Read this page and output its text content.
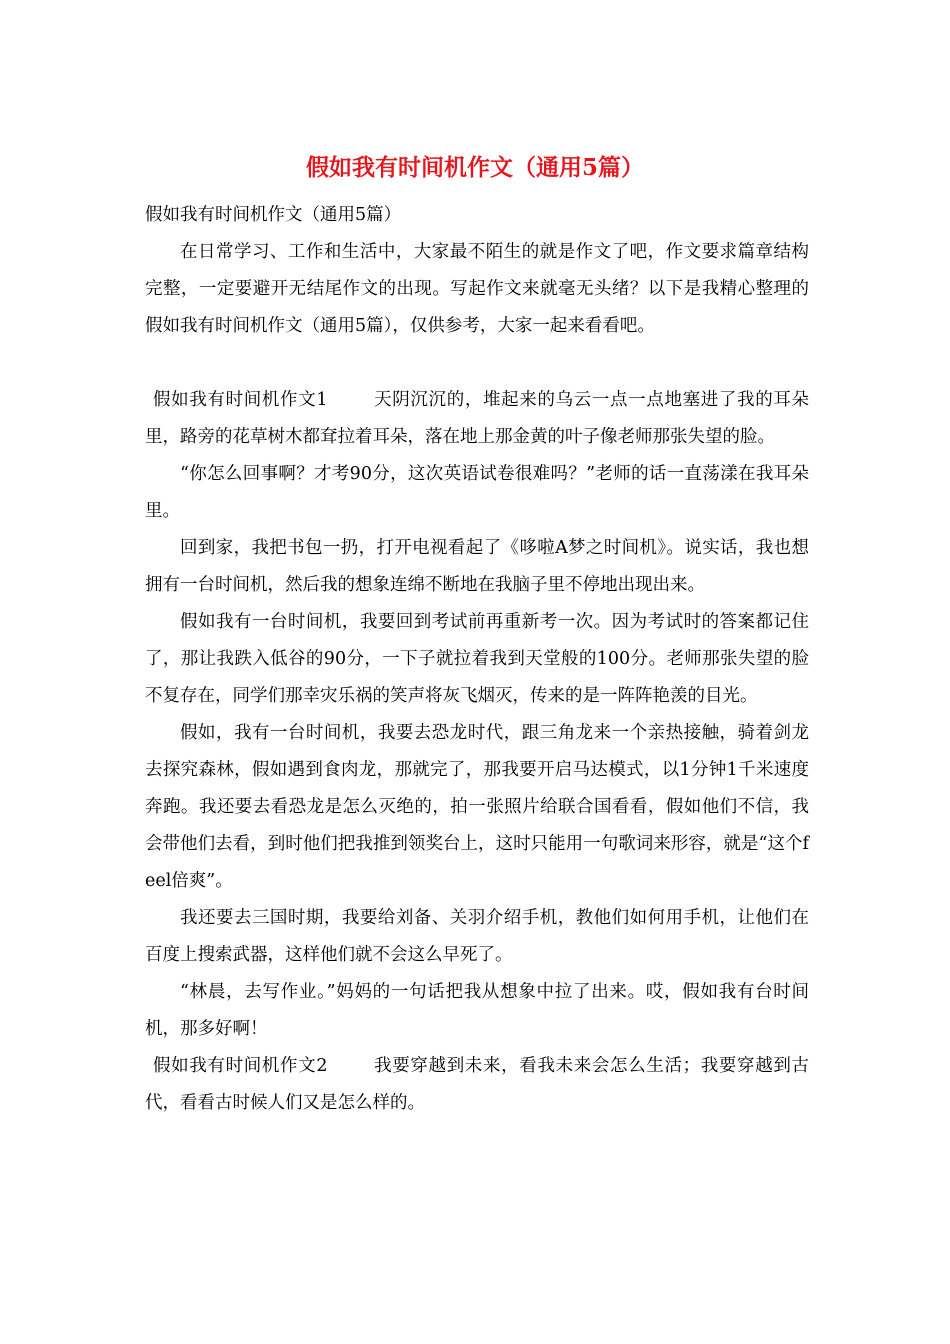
假如我有时间机作文（通用5篇）

假如我有时间机作文（通用5篇）

在日常学习、工作和生活中，大家最不陌生的就是作文了吧，作文要求篇章结构完整，一定要避开无结尾作文的出现。写起作文来就毫无头绪？以下是我精心整理的假如我有时间机作文（通用5篇），仅供参考，大家一起来看看吧。

假如我有时间机作文1	天阴沉沉的，堆起来的乌云一点一点地塞进了我的耳朵里，路旁的花草树木都耷拉着耳朵，落在地上那金黄的叶子像老师那张失望的脸。

“你怎么回事啊？才考90分，这次英语试卷很难吗？”老师的话一直荡漾在我耳朵里。

回到家，我把书包一扔，打开电视看起了《哆啦A梦之时间机》。说实话，我也想拥有一台时间机，然后我的想象连绵不断地在我脑子里不停地出现出来。

假如我有一台时间机，我要回到考试前再重新考一次。因为考试时的答案都记住了，那让我跌入低谷的90分，一下子就拉着我到天堂般的100分。老师那张失望的脸不复存在，同学们那幸灾乐祸的笑声将灰飞烟灭，传来的是一阵阵艳羡的目光。

假如，我有一台时间机，我要去恐龙时代，跟三角龙来一个亲热接触，骑着剑龙去探究森林，假如遇到食肉龙，那就完了，那我要开启马达模式，以1分钟1千米速度奔跑。我还要去看恐龙是怎么灭绝的，拍一张照片给联合国看看，假如他们不信，我会带他们去看，到时他们把我推到领奖台上，这时只能用一句歌词来形容，就是“这个feel倍爽”。

我还要去三国时期，我要给刘备、关羽介绍手机，教他们如何用手机，让他们在百度上搜索武器，这样他们就不会这么早死了。

“林晨，去写作业。”妈妈的一句话把我从想象中拉了出来。哎，假如我有台时间机，那多好啊！

假如我有时间机作文2	我要穿越到未来，看我未来会怎么生活；我要穿越到古代，看看古时候人们又是怎么样的。
